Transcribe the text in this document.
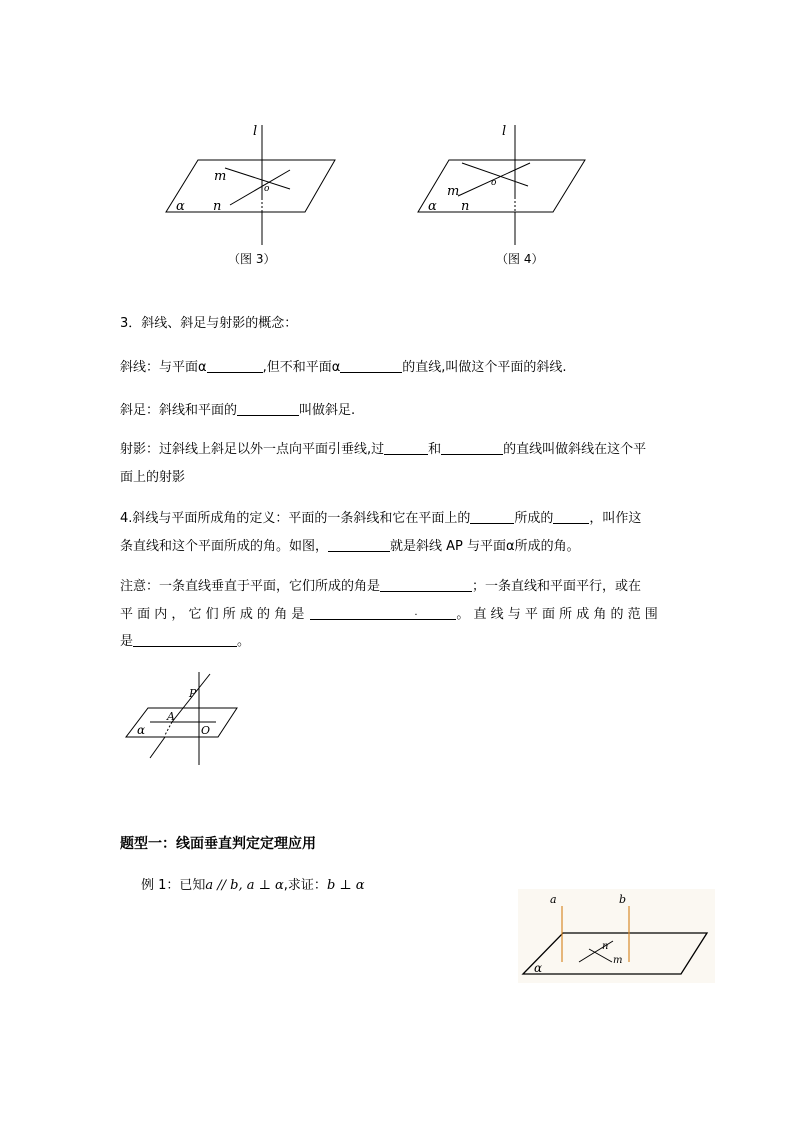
l
m
o
n
α
（图 3）
l
m
o
n
α
（图 4）
3．斜线、斜足与射影的概念：
斜线：与平面α	,但不和平面α	的直线,叫做这个平面的斜线.
斜足：斜线和平面的	叫做斜足.
射影：过斜线上斜足以外一点向平面引垂线,过	和	的直线叫做斜线在这个平
面上的射影
4.斜线与平面所成角的定义：平面的一条斜线和它在平面上的	所成的	，叫作这
条直线和这个平面所成的角。如图，	就是斜线 AP 与平面α所成的角。
注意：一条直线垂直于平面，它们所成的角是	；一条直线和平面平行，或在
平 面 内 ， 它 们 所 成 的 角 是	.	。 直 线 与 平 面 所 成 角 的 范 围
是	。
P
A
O
α
题型一：线面垂直判定定理应用
例 1：已知a // b, a ⊥ α,求证：b ⊥ α
a	b
n
m
α
